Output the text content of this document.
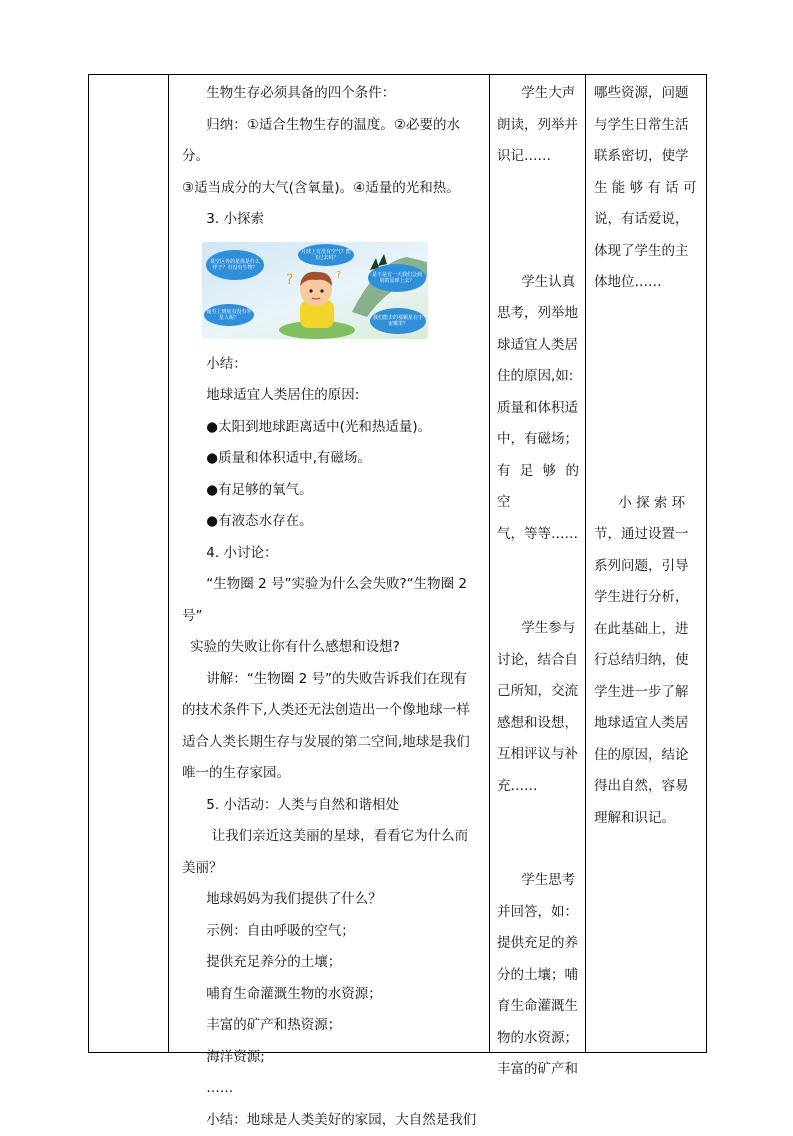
生物生存必须具备的四个条件：

归纳：①适合生物生存的温度。②必要的水分。

③适当成分的大气(含氧量)。④适量的光和热。

3. 小探索

?	?
某空区外的星体是什么样子？有没有生物？
月球上有没有空气？能飞过去吗？
是不是有一天我们会到别的星球上去？
使劳上到底有没有外星人呢？	我们能去的那颗星在宇宙哪里？

小结：

地球适宜人类居住的原因:

●太阳到地球距离适中(光和热适量)。

●质量和体积适中,有磁场。

●有足够的氧气。

●有液态水存在。

4. 小讨论：

“生物圈 2 号”实验为什么会失败?“生物圈 2 号”

实验的失败让你有什么感想和设想?

讲解：“生物圈 2 号”的失败告诉我们在现有

的技术条件下,人类还无法创造出一个像地球一样

适合人类长期生存与发展的第二空间,地球是我们

唯一的生存家园。

5. 小活动：人类与自然和谐相处

让我们亲近这美丽的星球，看看它为什么而

美丽？

地球妈妈为我们提供了什么？

示例：自由呼吸的空气；

提供充足养分的土壤；

哺育生命灌溉生物的水资源；

丰富的矿产和热资源；

海洋资源;

……

小结：地球是人类美好的家园，大自然是我们

学生大声

朗读，列举并

识记……

学生认真

思考，列举地

球适宜人类居

住的原因,如:

质量和体积适

中，有磁场；

有 足 够 的 空

气，等等……

学生参与

讨论，结合自

己所知，交流

感想和设想，

互相评议与补

充……

学生思考

并回答，如：

提供充足的养

分的土壤；哺

育生命灌溉生

物的水资源；

丰富的矿产和

哪些资源，问题

与学生日常生活

联系密切，使学

生 能 够 有 话 可

说，有话爱说，

体现了学生的主

体地位……

小 探 索 环

节，通过设置一

系列问题，引导

学生进行分析，

在此基础上，进

行总结归纳，使

学生进一步了解

地球适宜人类居

住的原因，结论

得出自然，容易

理解和识记。
